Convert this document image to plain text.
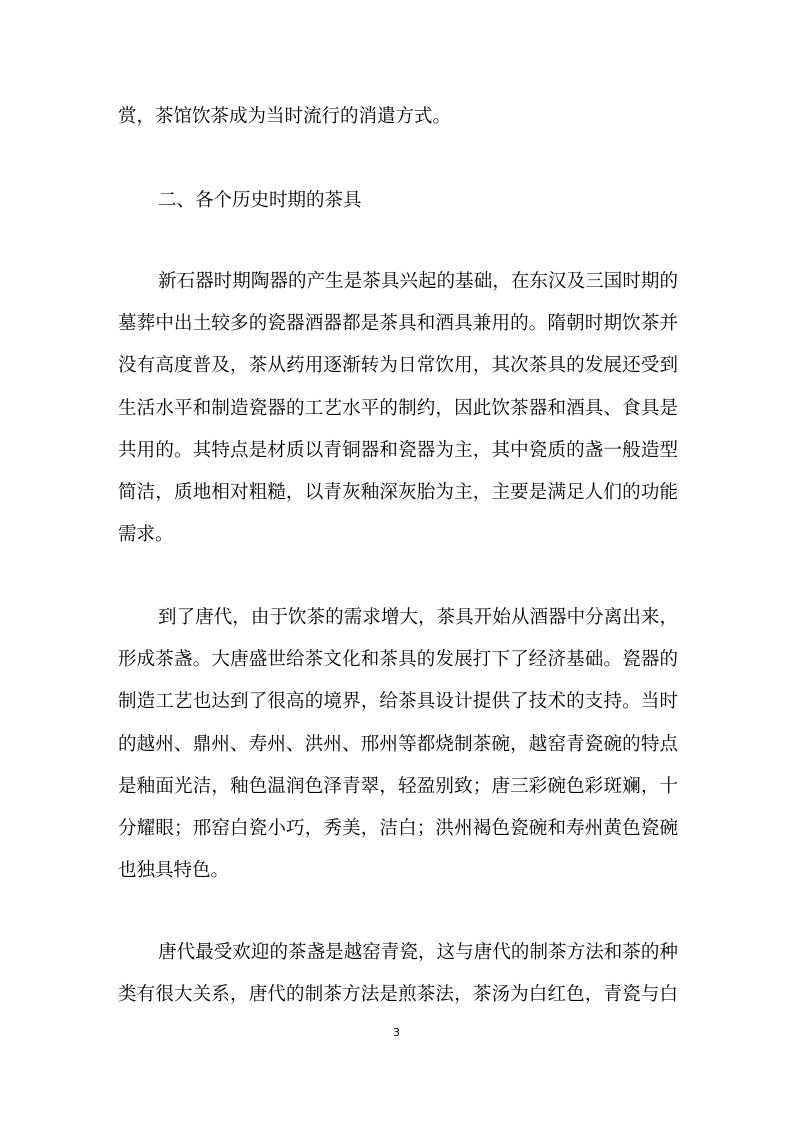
赏，茶馆饮茶成为当时流行的消遣方式。
二、各个历史时期的茶具
新石器时期陶器的产生是茶具兴起的基础，在东汉及三国时期的
墓葬中出土较多的瓷器酒器都是茶具和酒具兼用的。隋朝时期饮茶并
没有高度普及，茶从药用逐渐转为日常饮用，其次茶具的发展还受到
生活水平和制造瓷器的工艺水平的制约，因此饮茶器和酒具、食具是
共用的。其特点是材质以青铜器和瓷器为主，其中瓷质的盏一般造型
简洁，质地相对粗糙，以青灰釉深灰胎为主，主要是满足人们的功能
需求。
到了唐代，由于饮茶的需求增大，茶具开始从酒器中分离出来，
形成茶盏。大唐盛世给茶文化和茶具的发展打下了经济基础。瓷器的
制造工艺也达到了很高的境界，给茶具设计提供了技术的支持。当时
的越州、鼎州、寿州、洪州、邢州等都烧制茶碗，越窑青瓷碗的特点
是釉面光洁，釉色温润色泽青翠，轻盈别致；唐三彩碗色彩斑斓，十
分耀眼；邢窑白瓷小巧，秀美，洁白；洪州褐色瓷碗和寿州黄色瓷碗
也独具特色。
唐代最受欢迎的茶盏是越窑青瓷，这与唐代的制茶方法和茶的种
类有很大关系，唐代的制茶方法是煎茶法，茶汤为白红色，青瓷与白
3
